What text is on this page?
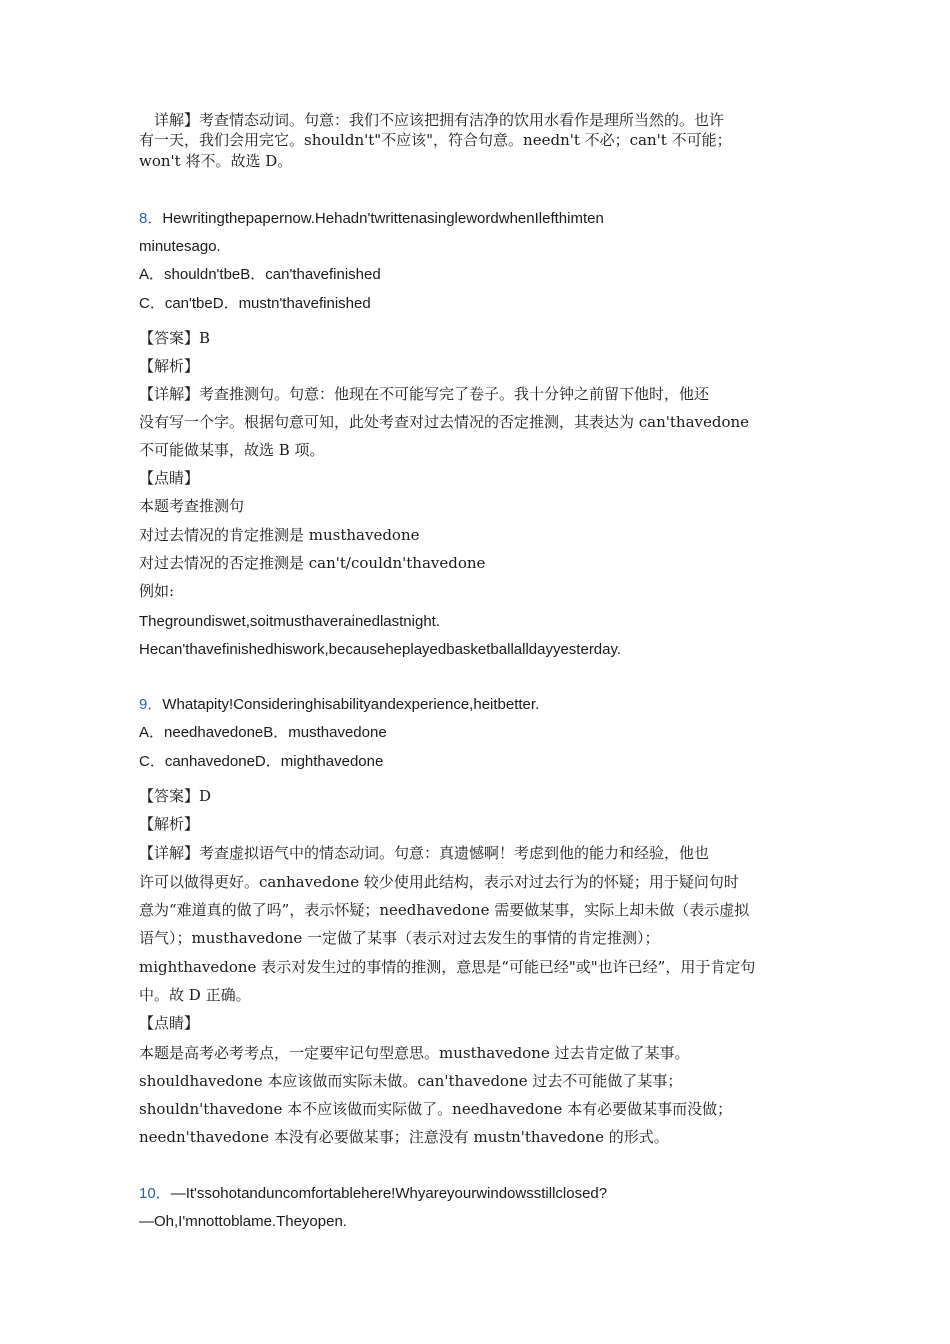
　详解】考查情态动词。句意：我们不应该把拥有洁净的饮用水看作是理所当然的。也许

有一天，我们会用完它。shouldn't"不应该"，符合句意。needn't 不必；can't 不可能；

won't 将不。故选 D。

8．Hewritingthepapernow.Hehadn'twrittenasinglewordwhenIlefthimten

minutesago.

A．shouldn'tbeB．can'thavefinished

C．can'tbeD．mustn'thavefinished

【答案】B

【解析】

【详解】考查推测句。句意：他现在不可能写完了卷子。我十分钟之前留下他时，他还

没有写一个字。根据句意可知，此处考查对过去情况的否定推测，其表达为 can'thavedone

不可能做某事，故选 B 项。

【点睛】

本题考查推测句

对过去情况的肯定推测是 musthavedone

对过去情况的否定推测是 can't/couldn'thavedone

例如:

Thegroundiswet,soitmusthaverainedlastnight.

Hecan'thavefinishedhiswork,becauseheplayedbasketballalldayyesterday.

9．Whatapity!Consideringhisabilityandexperience,heitbetter.

A．needhavedoneB．musthavedone

C．canhavedoneD．mighthavedone

【答案】D

【解析】

【详解】考查虚拟语气中的情态动词。句意：真遗憾啊！考虑到他的能力和经验，他也

许可以做得更好。canhavedone 较少使用此结构，表示对过去行为的怀疑；用于疑问句时

意为“难道真的做了吗”，表示怀疑；needhavedone 需要做某事，实际上却未做（表示虚拟

语气）；musthavedone 一定做了某事（表示对过去发生的事情的肯定推测）；

mighthavedone 表示对发生过的事情的推测，意思是“可能已经"或"也许已经”，用于肯定句

中。故 D 正确。

【点睛】

本题是高考必考考点，一定要牢记句型意思。musthavedone 过去肯定做了某事。

shouldhavedone 本应该做而实际未做。can'thavedone 过去不可能做了某事；

shouldn'thavedone 本不应该做而实际做了。needhavedone 本有必要做某事而没做；

needn'thavedone 本没有必要做某事；注意没有 mustn'thavedone 的形式。

10．—It'ssohotanduncomfortablehere!Whyareyourwindowsstillclosed?

—Oh,I'mnottoblame.Theyopen.
